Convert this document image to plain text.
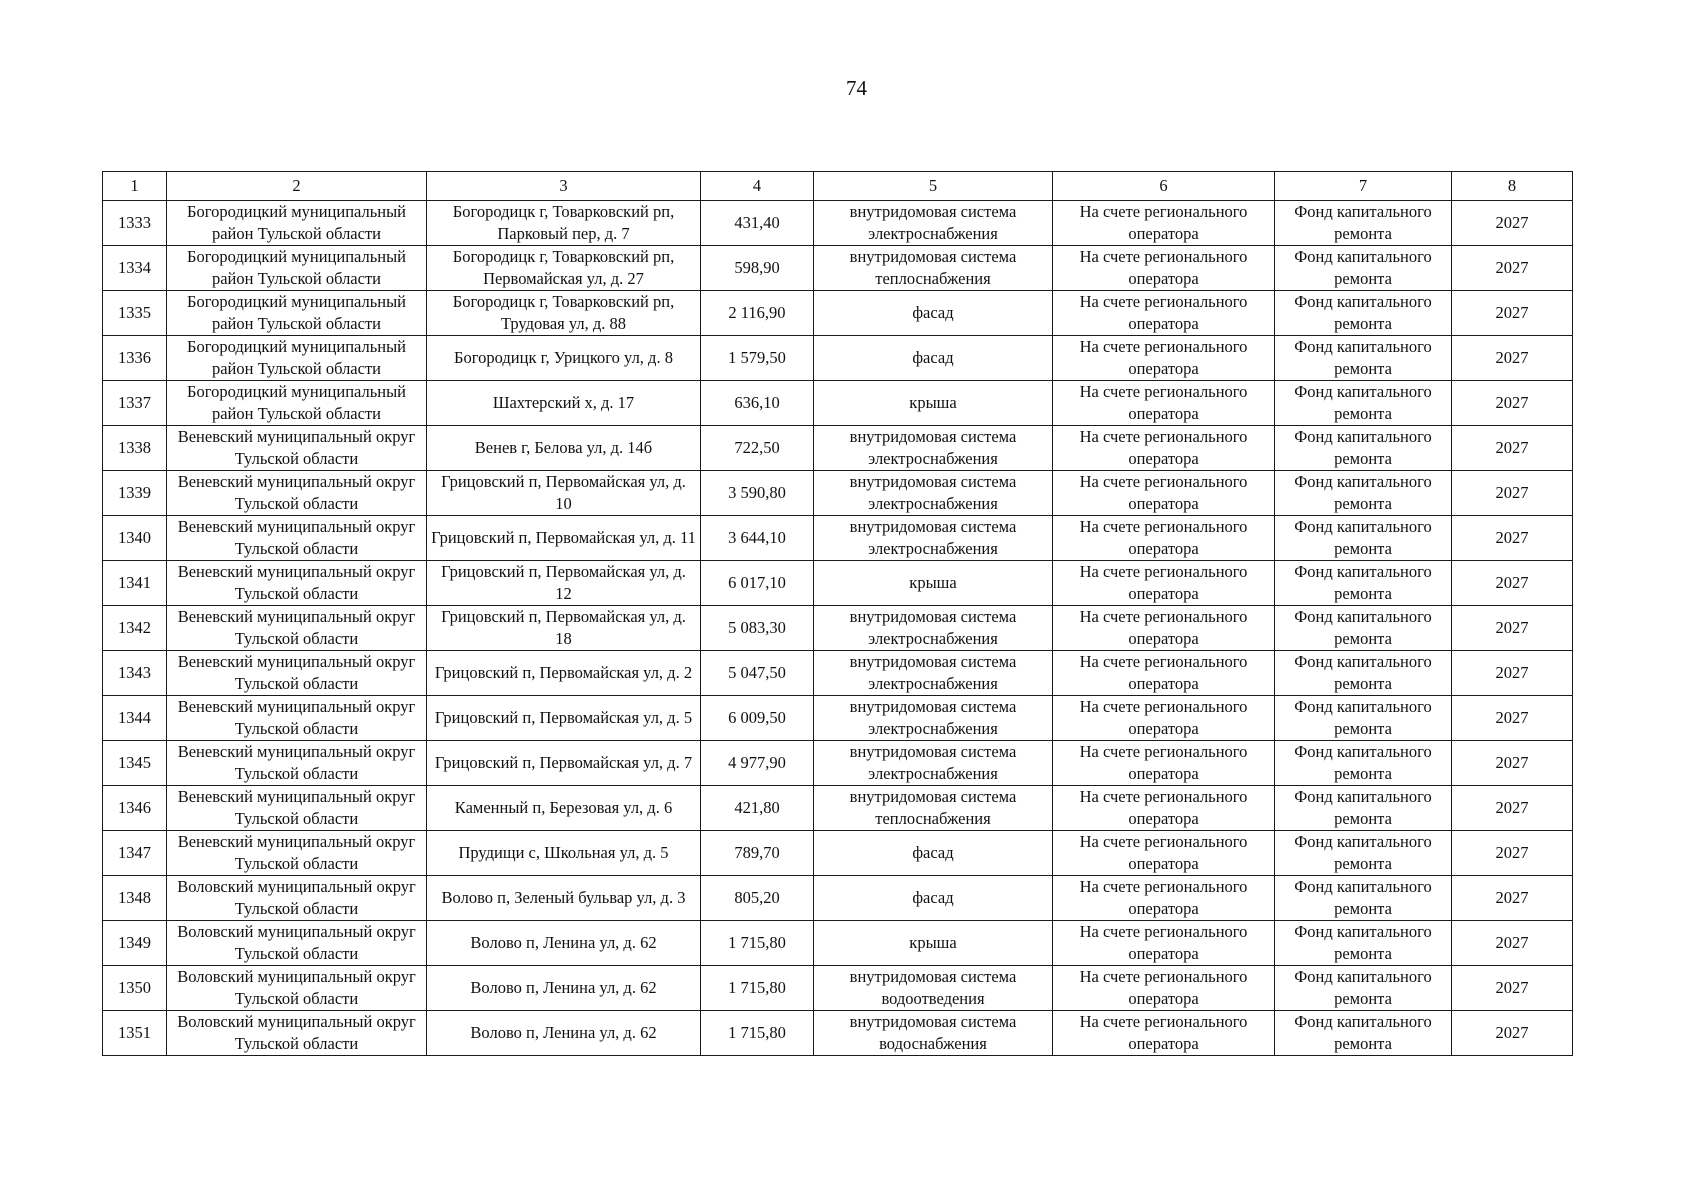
74
1	2	3	4	5	6	7	8
1333	Богородицкий муниципальный район Тульской области	Богородицк г, Товарковский рп, Парковый пер, д. 7	431,40	внутридомовая система электроснабжения	На счете регионального оператора	Фонд капитального ремонта	2027
1334	Богородицкий муниципальный район Тульской области	Богородицк г, Товарковский рп, Первомайская ул, д. 27	598,90	внутридомовая система теплоснабжения	На счете регионального оператора	Фонд капитального ремонта	2027
1335	Богородицкий муниципальный район Тульской области	Богородицк г, Товарковский рп, Трудовая ул, д. 88	2 116,90	фасад	На счете регионального оператора	Фонд капитального ремонта	2027
1336	Богородицкий муниципальный район Тульской области	Богородицк г, Урицкого ул, д. 8	1 579,50	фасад	На счете регионального оператора	Фонд капитального ремонта	2027
1337	Богородицкий муниципальный район Тульской области	Шахтерский х, д. 17	636,10	крыша	На счете регионального оператора	Фонд капитального ремонта	2027
1338	Веневский муниципальный округ Тульской области	Венев г, Белова ул, д. 14б	722,50	внутридомовая система электроснабжения	На счете регионального оператора	Фонд капитального ремонта	2027
1339	Веневский муниципальный округ Тульской области	Грицовский п, Первомайская ул, д. 10	3 590,80	внутридомовая система электроснабжения	На счете регионального оператора	Фонд капитального ремонта	2027
1340	Веневский муниципальный округ Тульской области	Грицовский п, Первомайская ул, д. 11	3 644,10	внутридомовая система электроснабжения	На счете регионального оператора	Фонд капитального ремонта	2027
1341	Веневский муниципальный округ Тульской области	Грицовский п, Первомайская ул, д. 12	6 017,10	крыша	На счете регионального оператора	Фонд капитального ремонта	2027
1342	Веневский муниципальный округ Тульской области	Грицовский п, Первомайская ул, д. 18	5 083,30	внутридомовая система электроснабжения	На счете регионального оператора	Фонд капитального ремонта	2027
1343	Веневский муниципальный округ Тульской области	Грицовский п, Первомайская ул, д. 2	5 047,50	внутридомовая система электроснабжения	На счете регионального оператора	Фонд капитального ремонта	2027
1344	Веневский муниципальный округ Тульской области	Грицовский п, Первомайская ул, д. 5	6 009,50	внутридомовая система электроснабжения	На счете регионального оператора	Фонд капитального ремонта	2027
1345	Веневский муниципальный округ Тульской области	Грицовский п, Первомайская ул, д. 7	4 977,90	внутридомовая система электроснабжения	На счете регионального оператора	Фонд капитального ремонта	2027
1346	Веневский муниципальный округ Тульской области	Каменный п, Березовая ул, д. 6	421,80	внутридомовая система теплоснабжения	На счете регионального оператора	Фонд капитального ремонта	2027
1347	Веневский муниципальный округ Тульской области	Прудищи с, Школьная ул, д. 5	789,70	фасад	На счете регионального оператора	Фонд капитального ремонта	2027
1348	Воловский муниципальный округ Тульской области	Волово п, Зеленый бульвар ул, д. 3	805,20	фасад	На счете регионального оператора	Фонд капитального ремонта	2027
1349	Воловский муниципальный округ Тульской области	Волово п, Ленина ул, д. 62	1 715,80	крыша	На счете регионального оператора	Фонд капитального ремонта	2027
1350	Воловский муниципальный округ Тульской области	Волово п, Ленина ул, д. 62	1 715,80	внутридомовая система водоотведения	На счете регионального оператора	Фонд капитального ремонта	2027
1351	Воловский муниципальный округ Тульской области	Волово п, Ленина ул, д. 62	1 715,80	внутридомовая система водоснабжения	На счете регионального оператора	Фонд капитального ремонта	2027
